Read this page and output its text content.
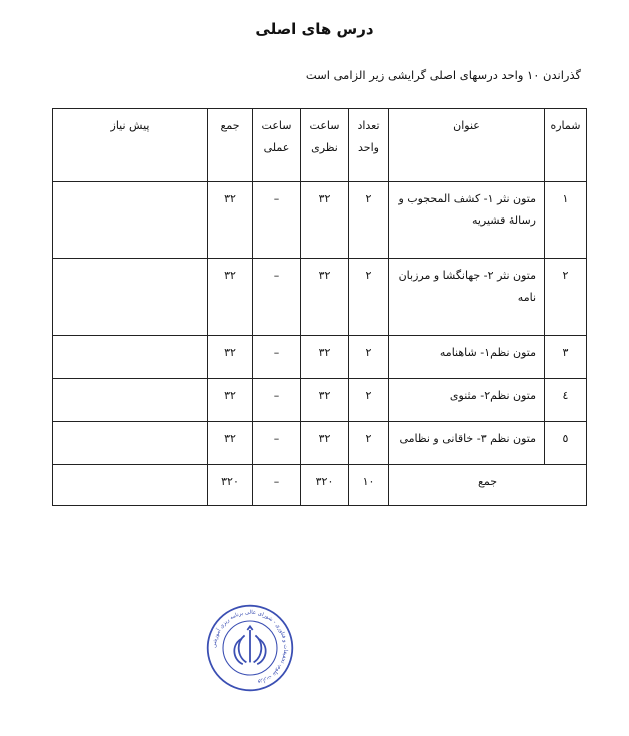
درس های اصلی
گذراندن ۱۰ واحد درسهای اصلی گرایشی زیر الزامی است
شماره	عنوان	تعداد واحد	ساعت نظری	ساعت عملی	جمع	پیش نیاز
۱	متون نثر ۱- کشف المحجوب و رسالهٔ قشیریه	۲	۳۲	–	۳۲	
۲	متون نثر ۲- جهانگشا و مرزبان نامه	۲	۳۲	–	۳۲	
۳	متون نظم۱- شاهنامه	۲	۳۲	–	۳۲	
٤	متون نظم۲- مثنوی	۲	۳۲	–	۳۲	
٥	متون نظم ۳- خاقانی و نظامی	۲	۳۲	–	۳۲	
جمع		۱۰	۳۲۰	–	۳۲۰	
وزارت علوم، تحقیقات و فناوری - شورای عالی برنامه ریزی آموزشی
